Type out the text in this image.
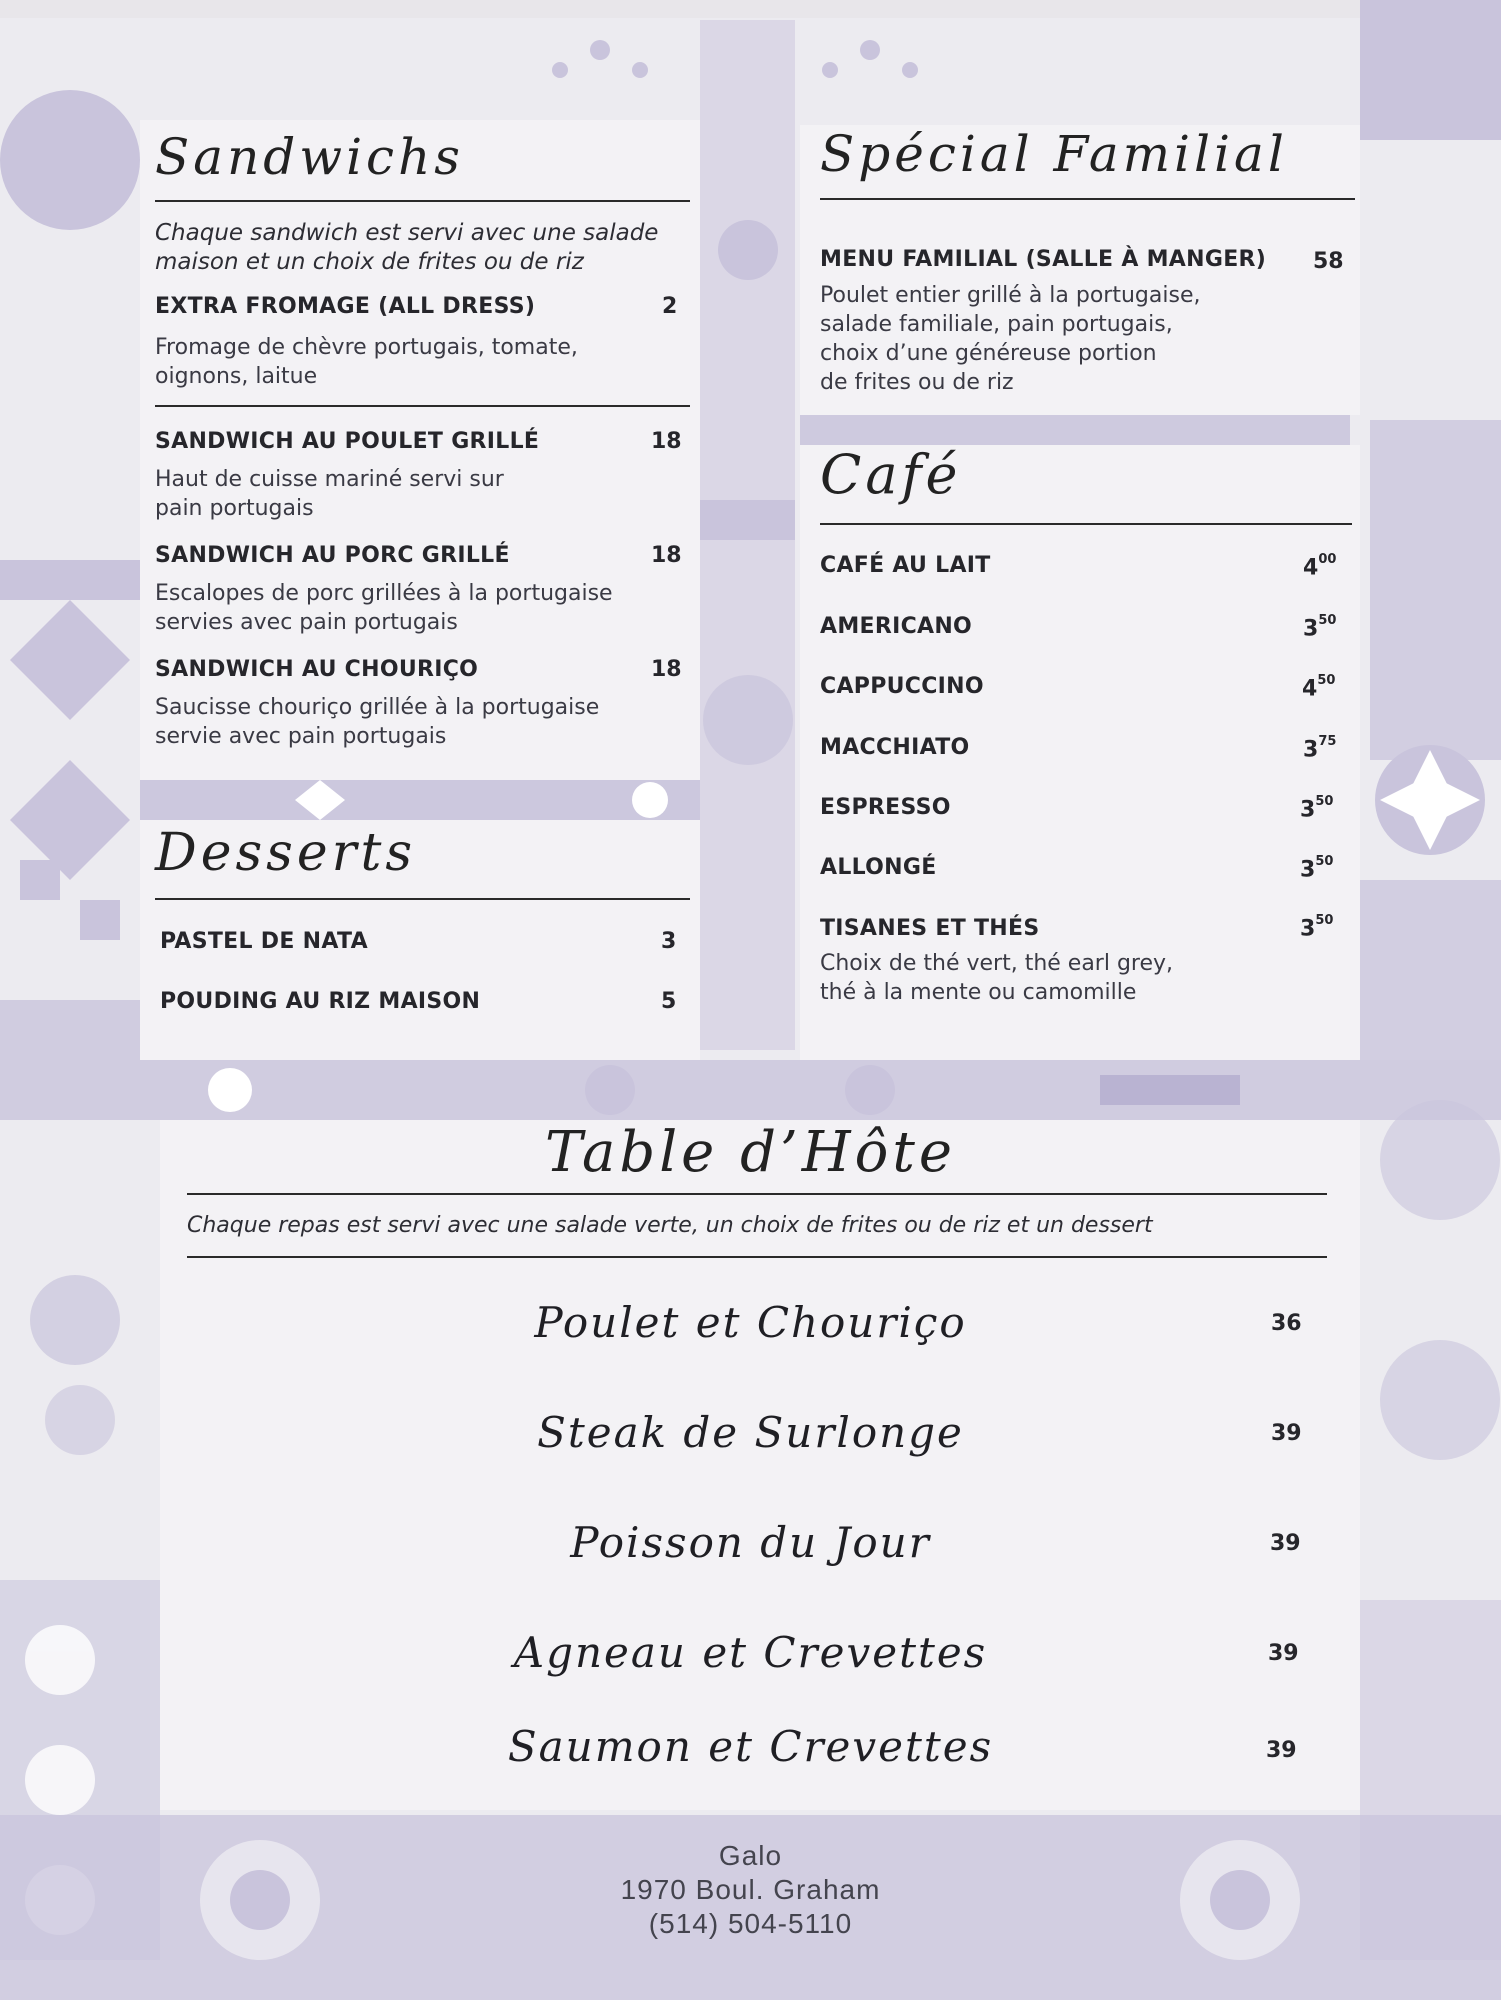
Sandwichs

Chaque sandwich est servi avec une salade
maison et un choix de frites ou de riz

EXTRA FROMAGE (ALL DRESS)	2

Fromage de chèvre portugais, tomate,
oignons, laitue

SANDWICH AU POULET GRILLÉ	18

Haut de cuisse mariné servi sur
pain portugais

SANDWICH AU PORC GRILLÉ	18

Escalopes de porc grillées à la portugaise
servies avec pain portugais

SANDWICH AU CHOURIÇO	18

Saucisse chouriço grillée à la portugaise
servie avec pain portugais

Desserts
PASTEL DE NATA	3
POUDING AU RIZ MAISON	5
Spécial Familial
MENU FAMILIAL (SALLE À MANGER) 58

Poulet entier grillé à la portugaise,
salade familiale, pain portugais,
choix d’une généreuse portion
de frites ou de riz

Café
CAFÉ AU LAIT	$4^{00}$
AMERICANO	$3^{50}$
CAPPUCCINO	$4^{50}$
MACCHIATO	$3^{75}$
ESPRESSO	$3^{50}$
ALLONGÉ	$3^{50}$
TISANES ET THÉS	$3^{50}$

Choix de thé vert, thé earl grey,
thé à la mente ou camomille

Table d’Hôte

Chaque repas est servi avec une salade verte, un choix de frites ou de riz et un dessert

Poulet et Chouriço	36
Steak de Surlonge	39
Poisson du Jour	39
Agneau et Crevettes	39
Saumon et Crevettes	39
Galo
1970 Boul. Graham
(514) 504-5110
